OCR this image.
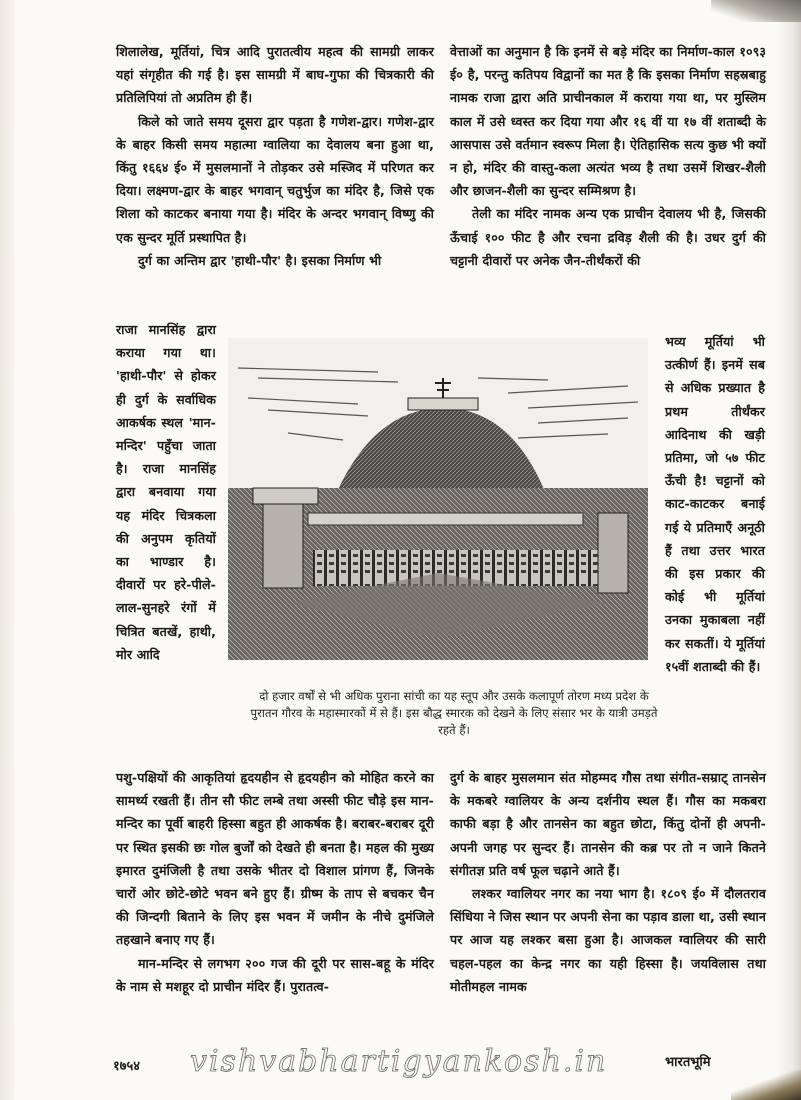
शिलालेख, मूर्तियां, चित्र आदि पुरातत्वीय महत्व की सामग्री लाकर यहां संगृहीत की गई है। इस सामग्री में बाघ-गुफा की चित्रकारी की प्रतिलिपियां तो अप्रतिम ही हैं।

किले को जाते समय दूसरा द्वार पड़ता है गणेश-द्वार। गणेश-द्वार के बाहर किसी समय महात्मा ग्वालिया का देवालय बना हुआ था, किंतु १६६४ ई० में मुसलमानों ने तोड़कर उसे मस्जिद में परिणत कर दिया। लक्ष्मण-द्वार के बाहर भगवान् चतुर्भुज का मंदिर है, जिसे एक शिला को काटकर बनाया गया है। मंदिर के अन्दर भगवान् विष्णु की एक सुन्दर मूर्ति प्रस्थापित है।

दुर्ग का अन्तिम द्वार 'हाथी-पौर' है। इसका निर्माण भी

वेत्ताओं का अनुमान है कि इनमें से बड़े मंदिर का निर्माण-काल १०९३ ई० है, परन्तु कतिपय विद्वानों का मत है कि इसका निर्माण सहस्रबाहु नामक राजा द्वारा अति प्राचीनकाल में कराया गया था, पर मुस्लिम काल में उसे ध्वस्त कर दिया गया और १६ वीं या १७ वीं शताब्दी के आसपास उसे वर्तमान स्वरूप मिला है। ऐतिहासिक सत्य कुछ भी क्यों न हो, मंदिर की वास्तु-कला अत्यंत भव्य है तथा उसमें शिखर-शैली और छाजन-शैली का सुन्दर सम्मिश्रण है।

तेली का मंदिर नामक अन्य एक प्राचीन देवालय भी है, जिसकी ऊँचाई १०० फीट है और रचना द्रविड़ शैली की है। उधर दुर्ग की चट्टानी दीवारों पर अनेक जैन-तीर्थंकरों की

राजा मानसिंह द्वारा कराया गया था। 'हाथी-पौर' से होकर ही दुर्ग के सर्वाधिक आकर्षक स्थल 'मान-मन्दिर' पहुँचा जाता है। राजा मानसिंह द्वारा बनवाया गया यह मंदिर चित्रकला की अनुपम कृतियों का भाण्डार है। दीवारों पर हरे-पीले-लाल-सुनहरे रंगों में चित्रित बतखें, हाथी, मोर आदि

भव्य मूर्तियां भी उत्कीर्ण हैं। इनमें सब से अधिक प्रख्यात है प्रथम तीर्थंकर आदिनाथ की खड़ी प्रतिमा, जो ५७ फीट ऊँची है! चट्टानों को काट-काटकर बनाई गई ये प्रतिमाएँ अनूठी हैं तथा उत्तर भारत की इस प्रकार की कोई भी मूर्तियां उनका मुकाबला नहीं कर सकतीं। ये मूर्तियां १५वीं शताब्दी की हैं।

दो हजार वर्षों से भी अधिक पुराना सांची का यह स्तूप और उसके कलापूर्ण तोरण मध्य प्रदेश के पुरातन गौरव के महास्मारकों में से हैं। इस बौद्ध स्मारक को देखने के लिए संसार भर के यात्री उमड़ते रहते हैं।

पशु-पक्षियों की आकृतियां हृदयहीन से हृदयहीन को मोहित करने का सामर्थ्य रखती हैं। तीन सौ फीट लम्बे तथा अस्सी फीट चौड़े इस मान-मन्दिर का पूर्वी बाहरी हिस्सा बहुत ही आकर्षक है। बराबर-बराबर दूरी पर स्थित इसकी छः गोल बुर्जों को देखते ही बनता है। महल की मुख्य इमारत दुमंजिली है तथा उसके भीतर दो विशाल प्रांगण हैं, जिनके चारों ओर छोटे-छोटे भवन बने हुए हैं। ग्रीष्म के ताप से बचकर चैन की जिन्दगी बिताने के लिए इस भवन में जमीन के नीचे दुमंजिले तहखाने बनाए गए हैं।

मान-मन्दिर से लगभग २०० गज की दूरी पर सास-बहू के मंदिर के नाम से मशहूर दो प्राचीन मंदिर हैं। पुरातत्व-

दुर्ग के बाहर मुसलमान संत मोहम्मद गौस तथा संगीत-सम्राट् तानसेन के मकबरे ग्वालियर के अन्य दर्शनीय स्थल हैं। गौस का मकबरा काफी बड़ा है और तानसेन का बहुत छोटा, किंतु दोनों ही अपनी-अपनी जगह पर सुन्दर हैं। तानसेन की कब्र पर तो न जाने कितने संगीतज्ञ प्रति वर्ष फूल चढ़ाने आते हैं।

लश्कर ग्वालियर नगर का नया भाग है। १८०९ ई० में दौलतराव सिंधिया ने जिस स्थान पर अपनी सेना का पड़ाव डाला था, उसी स्थान पर आज यह लश्कर बसा हुआ है। आजकल ग्वालियर की सारी चहल-पहल का केन्द्र नगर का यही हिस्सा है। जयविलास तथा मोतीमहल नामक

vishvabhartigyankosh.in
१७५४	भारतभूमि
